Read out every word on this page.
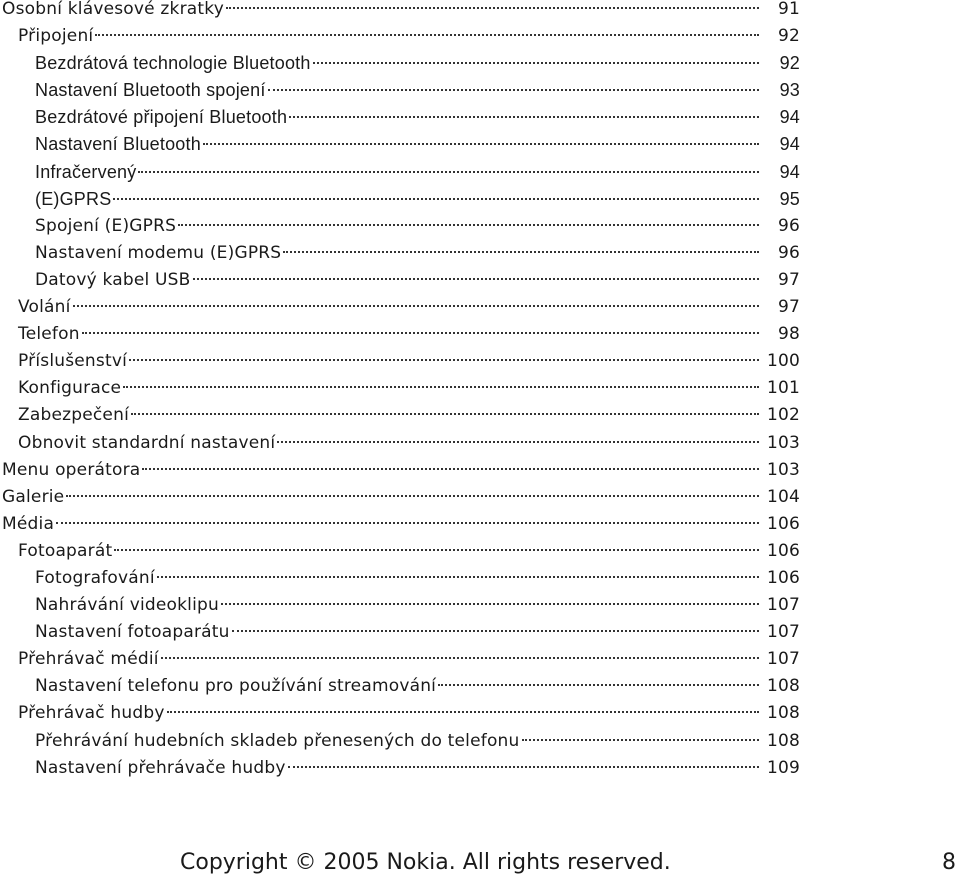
Osobní klávesové zkratky	91
Připojení	92
Bezdrátová technologie Bluetooth	92
Nastavení Bluetooth spojení	93
Bezdrátové připojení Bluetooth	94
Nastavení Bluetooth	94
Infračervený	94
(E)GPRS	95
Spojení (E)GPRS	96
Nastavení modemu (E)GPRS	96
Datový kabel USB	97
Volání	97
Telefon	98
Příslušenství	100
Konfigurace	101
Zabezpečení	102
Obnovit standardní nastavení	103
Menu operátora	103
Galerie	104
Média	106
Fotoaparát	106
Fotografování	106
Nahrávání videoklipu	107
Nastavení fotoaparátu	107
Přehrávač médií	107
Nastavení telefonu pro používání streamování	108
Přehrávač hudby	108
Přehrávání hudebních skladeb přenesených do telefonu	108
Nastavení přehrávače hudby	109
Copyright © 2005 Nokia. All rights reserved.	8
